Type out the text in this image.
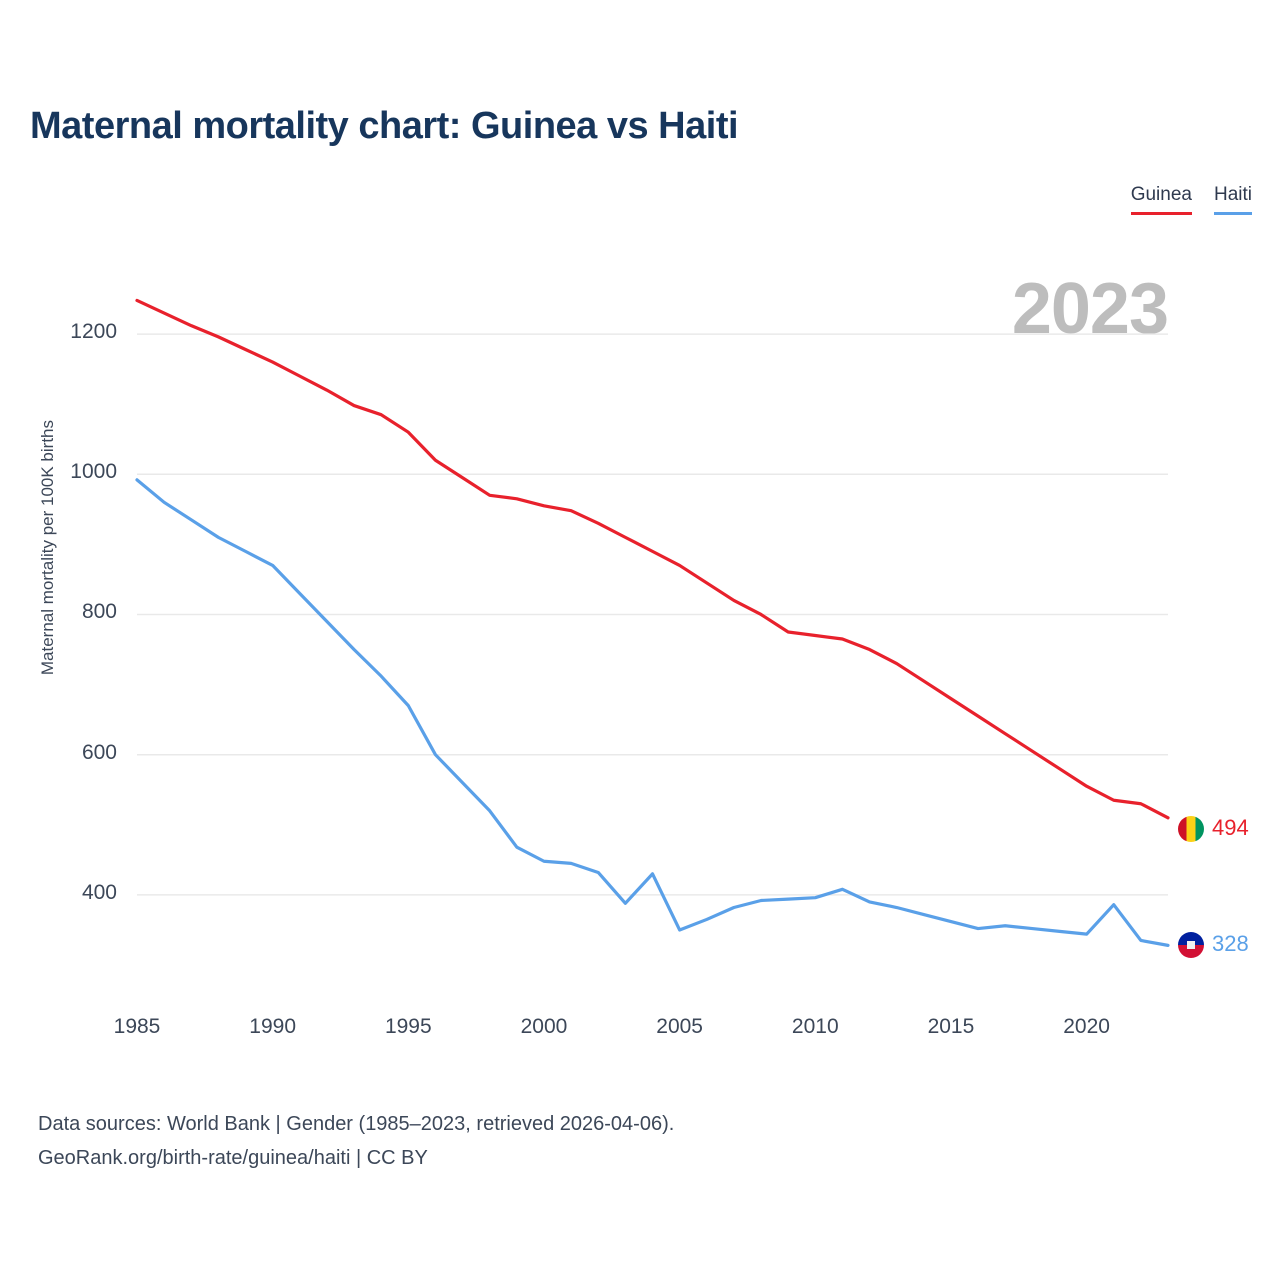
Maternal mortality chart: Guinea vs Haiti
Guinea Haiti
2023
Maternal mortality per 100K births
400
600
800
1000
1200
1985	1990	1995	2000	2005	2010	2015	2020
494
328
Data sources: World Bank | Gender (1985–2023, retrieved 2026-04-06).
GeoRank.org/birth-rate/guinea/haiti | CC BY
